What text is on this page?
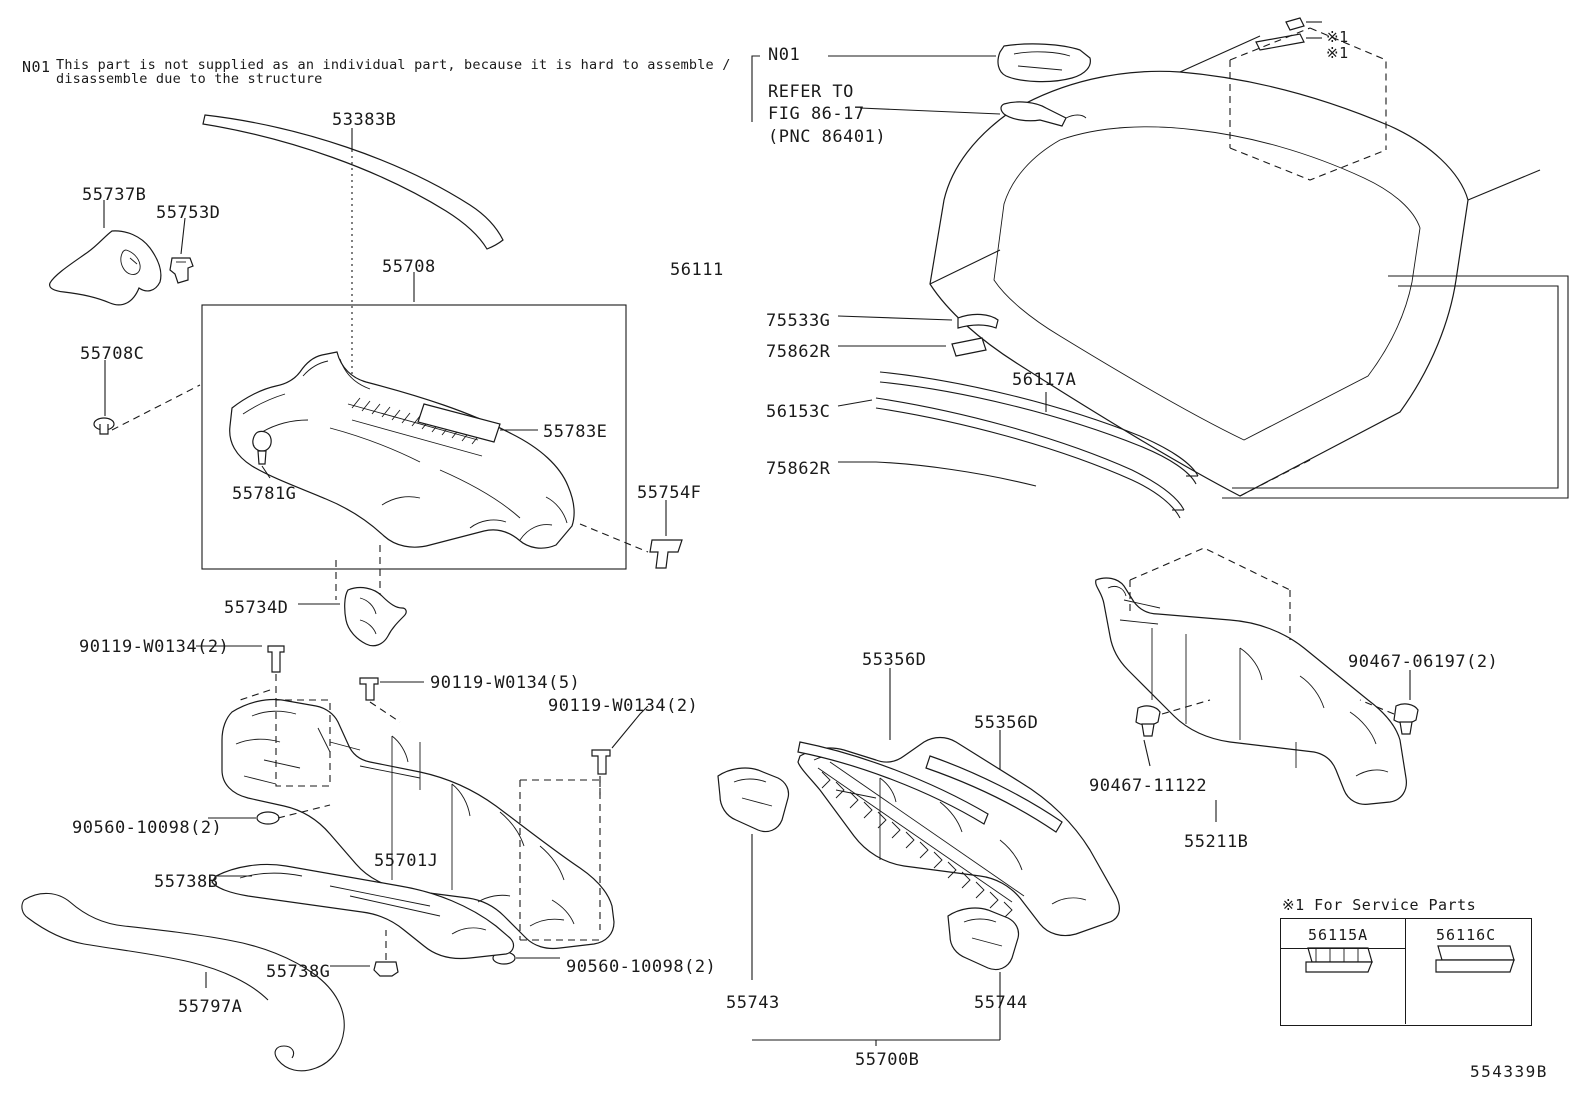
N01 This part is not supplied as an individual part, because it is hard to assemble /
disassemble due to the structure
N01
REFER TO
FIG 86-17
(PNC 86401)
※1
※1
53383B
55737B
55753D
55708
55708C
55783E
55781G	55754F
55734D
90119-W0134(2)
90119-W0134(5)
90119-W0134(2)
90560-10098(2)
55701J
55738B
55738G	90560-10098(2)
55797A
56111
75533G
75862R
56117A
56153C
75862R
55356D
55356D
90467-06197(2)
90467-11122
55211B
55743	55744
55700B
※1 For Service Parts
56115A	56116C
554339B
